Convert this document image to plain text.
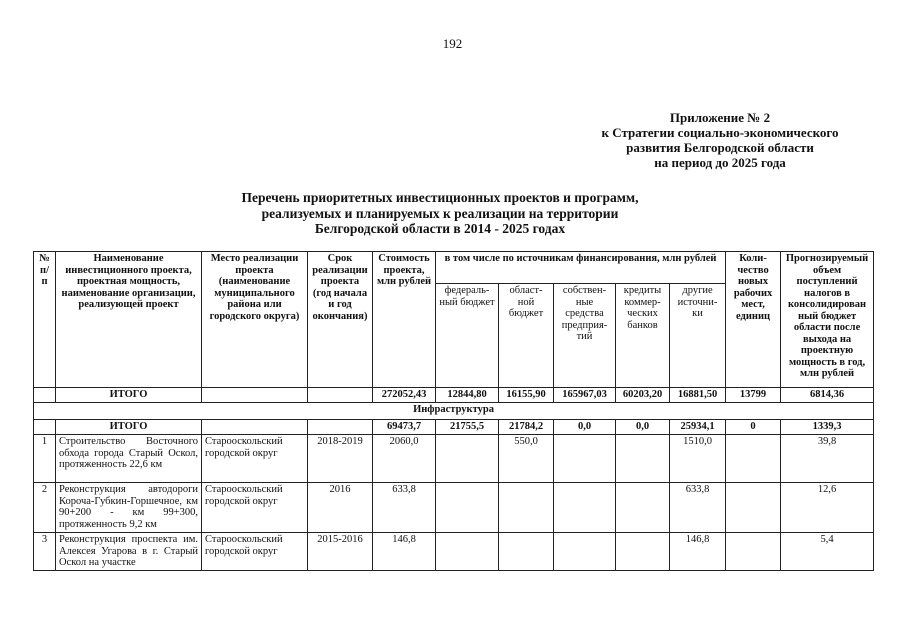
192
Приложение № 2
к Стратегии социально-экономического
развития Белгородской области
на период до 2025 года
Перечень приоритетных инвестиционных проектов и программ,
реализуемых и планируемых к реализации на территории
Белгородской области в 2014 - 2025 годах
№ п/п	Наименование инвестиционного проекта, проектная мощность, наименование организации, реализующей проект	Место реализации проекта (наименование муниципального района или городского округа)	Срок реализации проекта (год начала и год окончания)	Стоимость проекта, млн рублей	в том числе по источникам финансирования, млн рублей					Коли-чество новых рабочих мест, единиц	Прогнозируемый объем поступлений налогов в консолидирован ный бюджет области после выхода на проектную мощность в год, млн рублей
					федераль-ный бюджет	област-ной бюджет	собствен-ные средства предприя-тий	кредиты коммер-ческих банков	другие источни-ки		
	ИТОГО			272052,43	12844,80	16155,90	165967,03	60203,20	16881,50	13799	6814,36
Инфраструктура											
	ИТОГО			69473,7	21755,5	21784,2	0,0	0,0	25934,1	0	1339,3
1	Строительство Восточного обхода города Старый Оскол, протяженность 22,6 км	Старооскольский городской округ	2018-2019	2060,0		550,0			1510,0		39,8
2	Реконструкция автодороги Короча-Губкин-Горшечное, км 90+200 - км 99+300, протяженность 9,2 км	Старооскольский городской округ	2016	633,8					633,8		12,6
3	Реконструкция проспекта им. Алексея Угарова в г. Старый Оскол на участке	Старооскольский городской округ	2015-2016	146,8					146,8		5,4
